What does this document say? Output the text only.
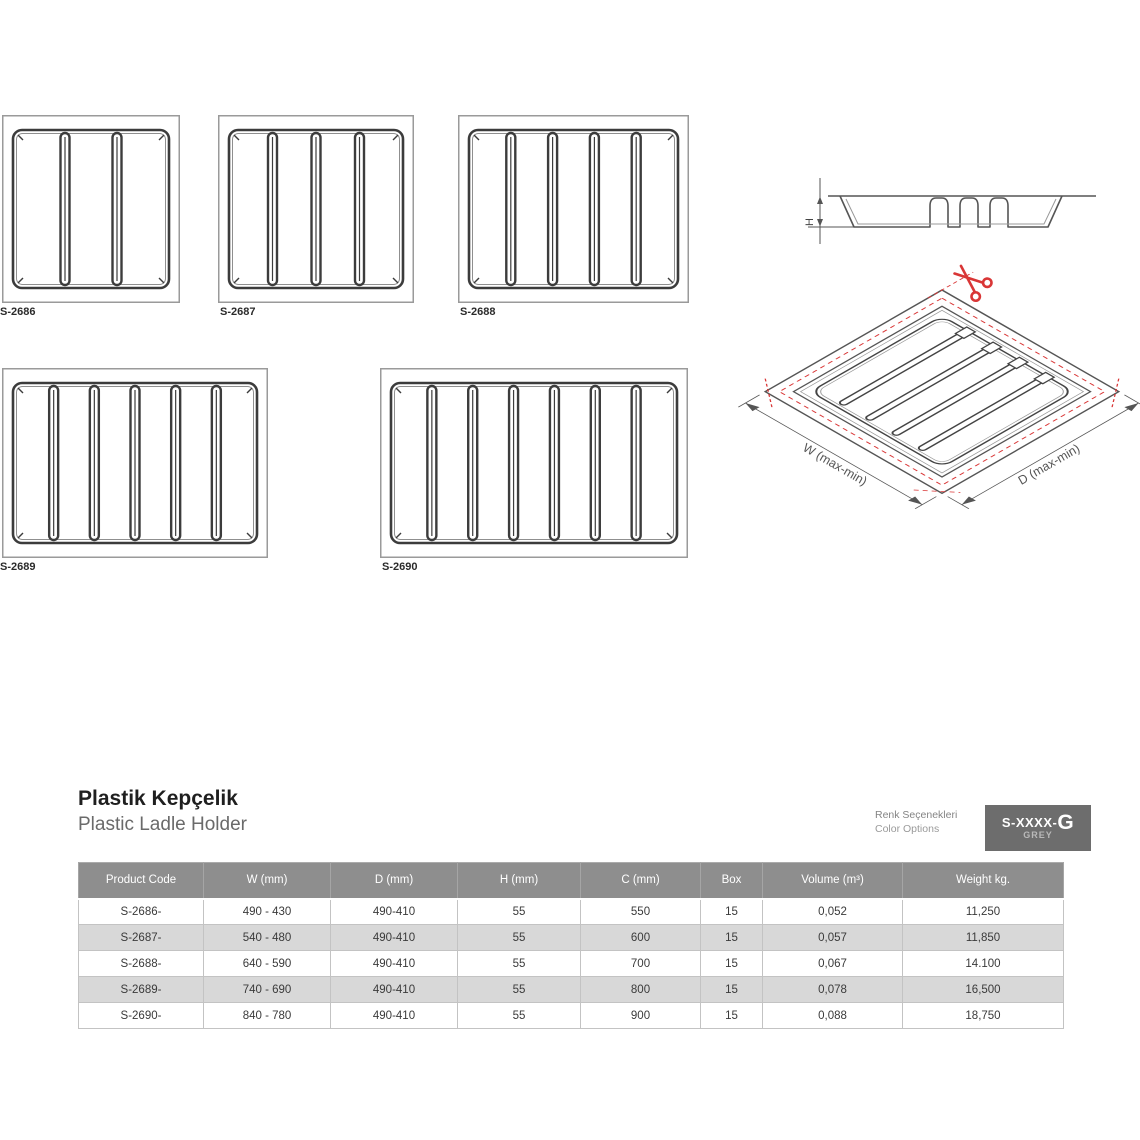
S-2686	S-2687	S-2688
S-2689	S-2690
H
W (max-min)	D (max-min)
Plastik Kepçelik
Plastic Ladle Holder	Renk Seçenekleri
Color Options	S-XXXX-G
GREY
Product Code	W (mm)	D (mm)	H (mm)	C (mm)	Box	Volume (m³)	Weight kg.
S-2686-	490 - 430	490-410	55	550	15	0,052	11,250
S-2687-	540 - 480	490-410	55	600	15	0,057	11,850
S-2688-	640 - 590	490-410	55	700	15	0,067	14.100
S-2689-	740 - 690	490-410	55	800	15	0,078	16,500
S-2690-	840 - 780	490-410	55	900	15	0,088	18,750
